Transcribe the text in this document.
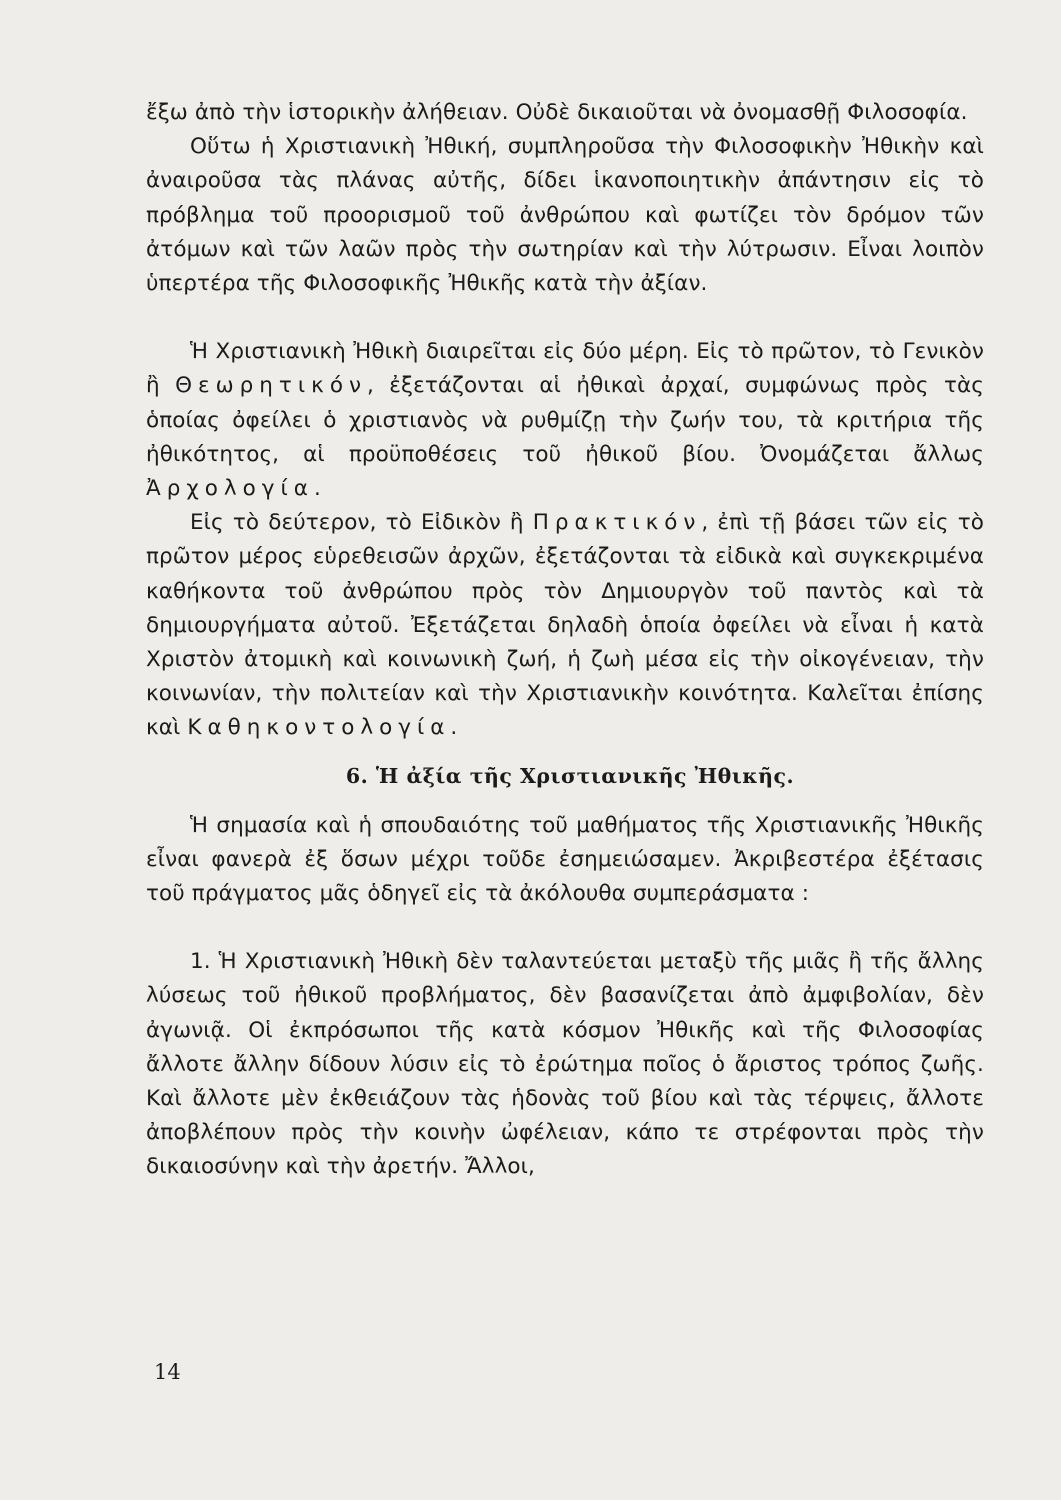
ἔξω ἀπὸ τὴν ἱστορικὴν ἀλήθειαν. Οὐδὲ δικαιοῦται νὰ ὀνομασθῇ Φιλοσοφία.

Οὕτω ἡ Χριστιανικὴ Ἠθική, συμπληροῦσα τὴν Φιλοσοφικὴν Ἠθικὴν καὶ ἀναιροῦσα τὰς πλάνας αὐτῆς, δίδει ἱκανοποιητικὴν ἀπάντησιν εἰς τὸ πρόβλημα τοῦ προορισμοῦ τοῦ ἀνθρώπου καὶ φωτίζει τὸν δρόμον τῶν ἀτόμων καὶ τῶν λαῶν πρὸς τὴν σωτηρίαν καὶ τὴν λύτρωσιν. Εἶναι λοιπὸν ὑπερτέρα τῆς Φιλοσοφικῆς Ἠθικῆς κατὰ τὴν ἀξίαν.

Ἡ Χριστιανικὴ Ἠθικὴ διαιρεῖται εἰς δύο μέρη. Εἰς τὸ πρῶτον, τὸ Γενικὸν ἢ Θεωρητικόν, ἐξετάζονται αἱ ἠθικαὶ ἀρχαί, συμφώνως πρὸς τὰς ὁποίας ὀφείλει ὁ χριστιανὸς νὰ ρυθμίζῃ τὴν ζωήν του, τὰ κριτήρια τῆς ἠθικότητος, αἱ προϋποθέσεις τοῦ ἠθικοῦ βίου. Ὀνομάζεται ἄλλως Ἀρχολογία.

Εἰς τὸ δεύτερον, τὸ Εἰδικὸν ἢ Πρακτικόν, ἐπὶ τῇ βάσει τῶν εἰς τὸ πρῶτον μέρος εὑρεθεισῶν ἀρχῶν, ἐξετάζονται τὰ εἰδικὰ καὶ συγκεκριμένα καθήκοντα τοῦ ἀνθρώπου πρὸς τὸν Δημιουργὸν τοῦ παντὸς καὶ τὰ δημιουργήματα αὐτοῦ. Ἐξετάζεται δηλαδὴ ὁποία ὀφείλει νὰ εἶναι ἡ κατὰ Χριστὸν ἀτομικὴ καὶ κοινωνικὴ ζωή, ἡ ζωὴ μέσα εἰς τὴν οἰκογένειαν, τὴν κοινωνίαν, τὴν πολιτείαν καὶ τὴν Χριστιανικὴν κοινότητα. Καλεῖται ἐπίσης καὶ Καθηκοντολογία.

6. Ἡ ἀξία τῆς Χριστιανικῆς Ἠθικῆς.

Ἡ σημασία καὶ ἡ σπουδαιότης τοῦ μαθήματος τῆς Χριστιανικῆς Ἠθικῆς εἶναι φανερὰ ἐξ ὅσων μέχρι τοῦδε ἐσημειώσαμεν. Ἀκριβεστέρα ἐξέτασις τοῦ πράγματος μᾶς ὁδηγεῖ εἰς τὰ ἀκόλουθα συμπεράσματα :

1. Ἡ Χριστιανικὴ Ἠθικὴ δὲν ταλαντεύεται μεταξὺ τῆς μιᾶς ἢ τῆς ἄλλης λύσεως τοῦ ἠθικοῦ προβλήματος, δὲν βασανίζεται ἀπὸ ἀμφιβολίαν, δὲν ἀγωνιᾷ. Οἱ ἐκπρόσωποι τῆς κατὰ κόσμον Ἠθικῆς καὶ τῆς Φιλοσοφίας ἄλλοτε ἄλλην δίδουν λύσιν εἰς τὸ ἐρώτημα ποῖος ὁ ἄριστος τρόπος ζωῆς. Καὶ ἄλλοτε μὲν ἐκθειάζουν τὰς ἡδονὰς τοῦ βίου καὶ τὰς τέρψεις, ἄλλοτε ἀποβλέπουν πρὸς τὴν κοινὴν ὠφέλειαν, κάπο τε στρέφονται πρὸς τὴν δικαιοσύνην καὶ τὴν ἀρετήν. Ἄλλοι,

14
